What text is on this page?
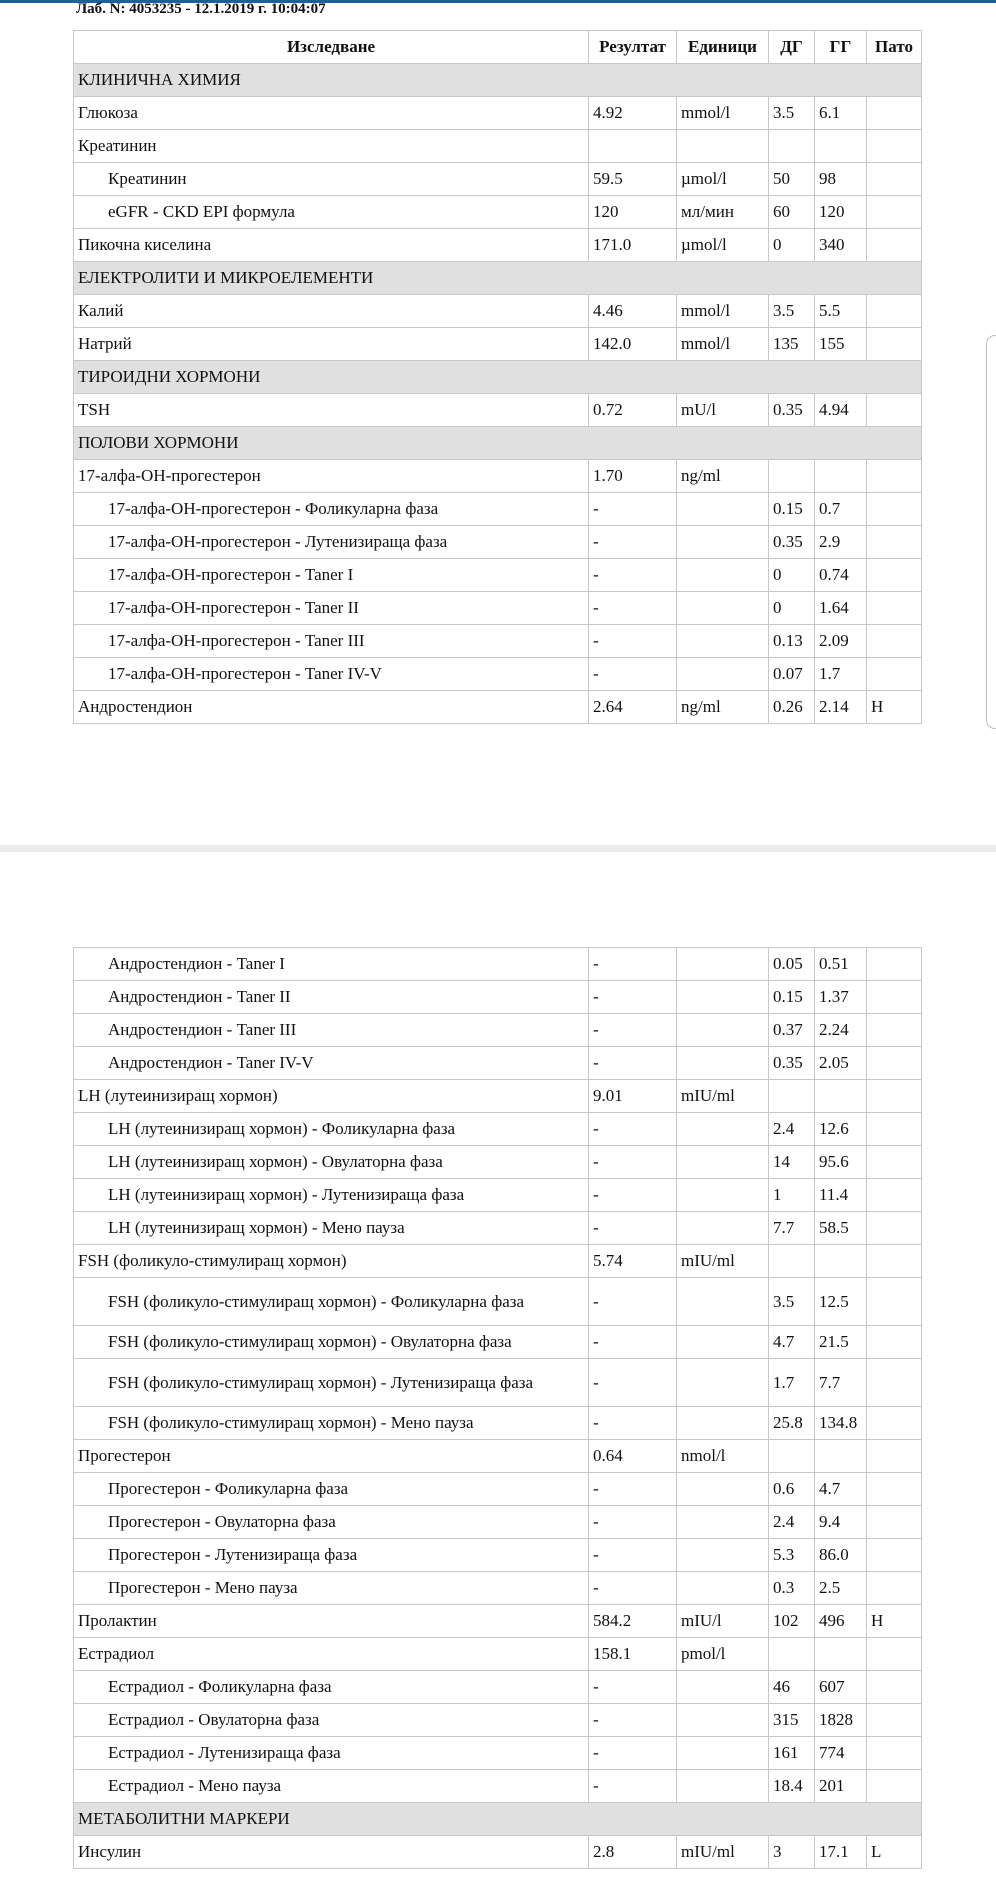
Лаб. N: 4053235 - 12.1.2019 г. 10:04:07
Изследване	Резултат	Единици	ДГ	ГГ	Пато
КЛИНИЧНА ХИМИЯ					
Глюкоза	4.92	mmol/l	3.5	6.1	
Креатинин					
Креатинин	59.5	µmol/l	50	98	
eGFR - CKD EPI формула	120	мл/мин	60	120	
Пикочна киселина	171.0	µmol/l	0	340	
ЕЛЕКТРОЛИТИ И МИКРОЕЛЕМЕНТИ					
Калий	4.46	mmol/l	3.5	5.5	
Натрий	142.0	mmol/l	135	155	
ТИРОИДНИ ХОРМОНИ					
TSH	0.72	mU/l	0.35	4.94	
ПОЛОВИ ХОРМОНИ					
17-алфа-OH-прогестерон	1.70	ng/ml			
17-алфа-OH-прогестерон - Фоликуларна фаза	-		0.15	0.7	
17-алфа-OH-прогестерон - Лутенизираща фаза	-		0.35	2.9	
17-алфа-OH-прогестерон - Taner I	-		0	0.74	
17-алфа-OH-прогестерон - Taner II	-		0	1.64	
17-алфа-OH-прогестерон - Taner III	-		0.13	2.09	
17-алфа-OH-прогестерон - Taner IV-V	-		0.07	1.7	
Андростендион	2.64	ng/ml	0.26	2.14	H
Андростендион - Taner I	-		0.05	0.51	
Андростендион - Taner II	-		0.15	1.37	
Андростендион - Taner III	-		0.37	2.24	
Андростендион - Taner IV-V	-		0.35	2.05	
LH (лутеинизиращ хормон)	9.01	mIU/ml			
LH (лутеинизиращ хормон) - Фоликуларна фаза	-		2.4	12.6	
LH (лутеинизиращ хормон) - Овулаторна фаза	-		14	95.6	
LH (лутеинизиращ хормон) - Лутенизираща фаза	-		1	11.4	
LH (лутеинизиращ хормон) - Мено пауза	-		7.7	58.5	
FSH (фоликуло-стимулиращ хормон)	5.74	mIU/ml			
FSH (фоликуло-стимулиращ хормон) - Фоликуларна фаза	-		3.5	12.5	
FSH (фоликуло-стимулиращ хормон) - Овулаторна фаза	-		4.7	21.5	
FSH (фоликуло-стимулиращ хормон) - Лутенизираща фаза	-		1.7	7.7	
FSH (фоликуло-стимулиращ хормон) - Мено пауза	-		25.8	134.8	
Прогестерон	0.64	nmol/l			
Прогестерон - Фоликуларна фаза	-		0.6	4.7	
Прогестерон - Овулаторна фаза	-		2.4	9.4	
Прогестерон - Лутенизираща фаза	-		5.3	86.0	
Прогестерон - Мено пауза	-		0.3	2.5	
Пролактин	584.2	mIU/l	102	496	H
Естрадиол	158.1	pmol/l			
Естрадиол - Фоликуларна фаза	-		46	607	
Естрадиол - Овулаторна фаза	-		315	1828	
Естрадиол - Лутенизираща фаза	-		161	774	
Естрадиол - Мено пауза	-		18.4	201	
МЕТАБОЛИТНИ МАРКЕРИ					
Инсулин	2.8	mIU/ml	3	17.1	L
